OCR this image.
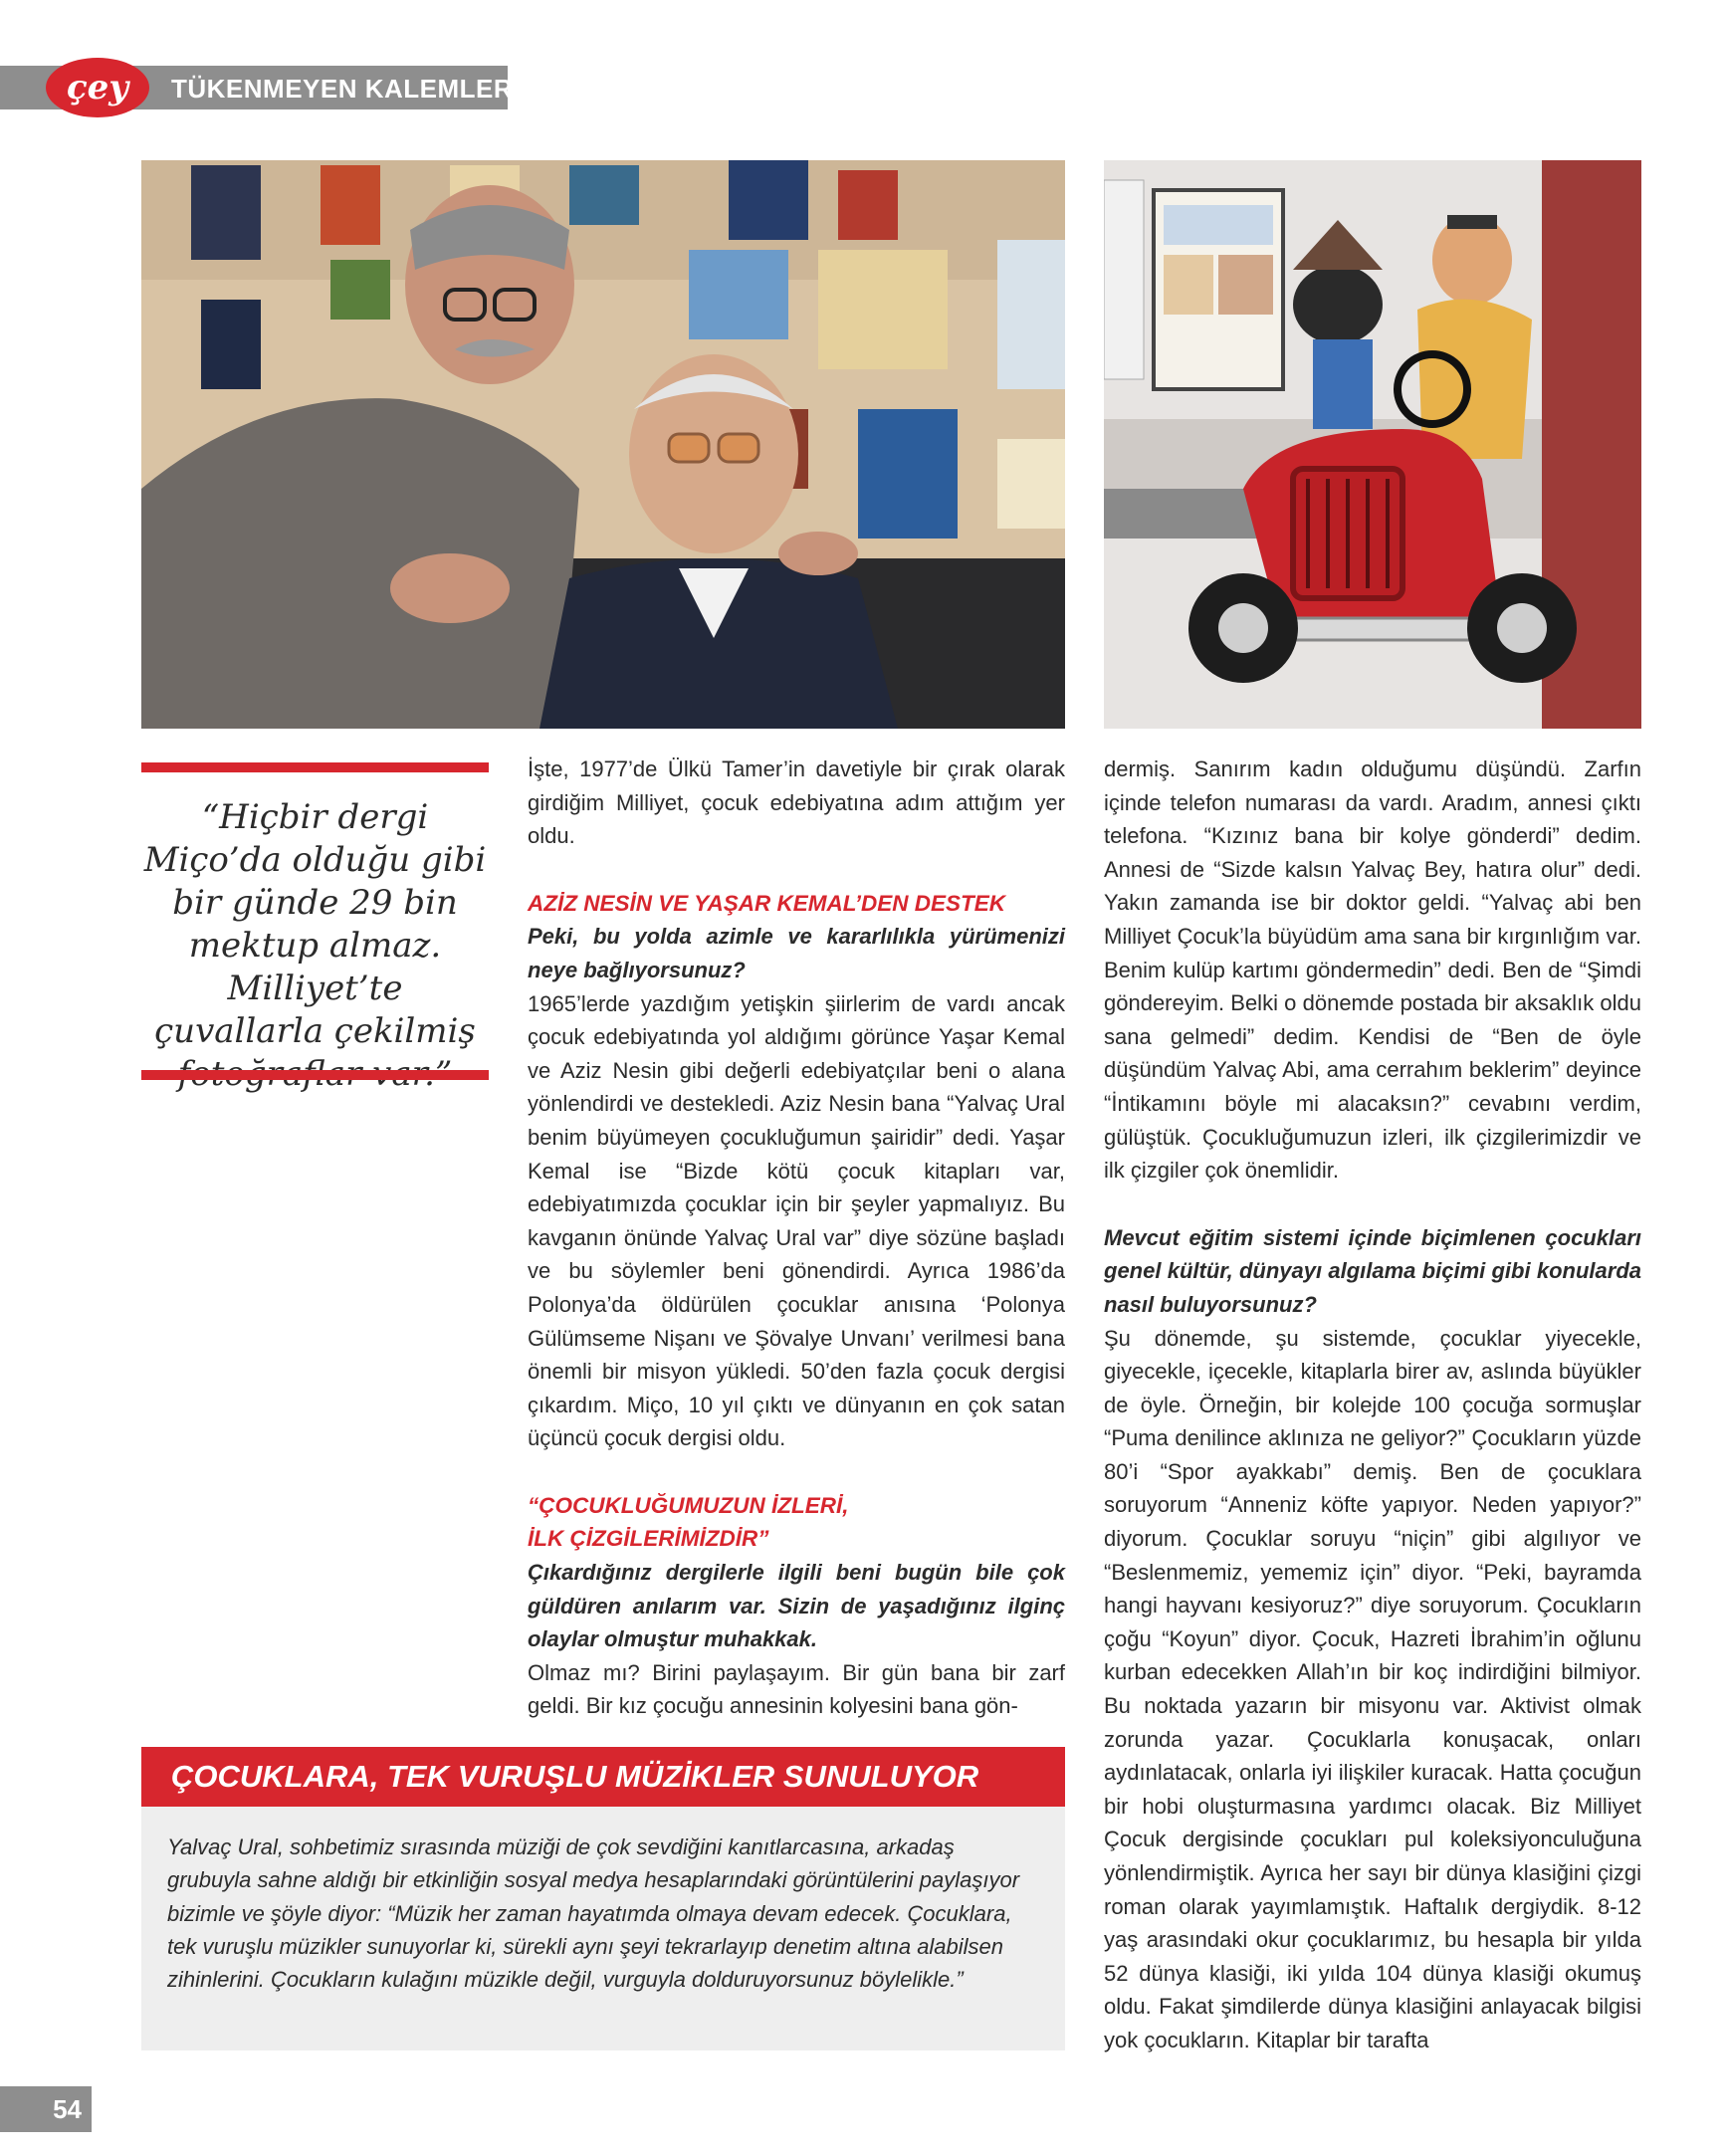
çey TÜKENMEYEN KALEMLER
“Hiçbir dergi Miço’da olduğu gibi bir günde 29 bin mektup almaz. Milliyet’te çuvallarla çekilmiş

İşte, 1977’de Ülkü Tamer’in davetiyle bir çırak olarak girdiğim Milliyet, çocuk edebiyatına adım attığım yer oldu.

AZİZ NESİN VE YAŞAR KEMAL’DEN DESTEK

Peki, bu yolda azimle ve kararlılıkla yürümenizi neye bağlıyorsunuz?

1965’lerde yazdığım yetişkin şiirlerim de vardı ancak çocuk edebiyatında yol aldığımı görünce Yaşar Kemal ve Aziz Nesin gibi değerli edebiyatçılar beni o alana yönlendirdi ve destekledi. Aziz Nesin bana “Yalvaç Ural benim büyümeyen çocukluğumun şairidir” dedi. Yaşar Kemal ise “Bizde kötü çocuk kitapları var, edebiyatımızda çocuklar için bir şeyler yapmalıyız. Bu kavganın önünde Yalvaç Ural var” diye sözüne başladı ve bu söylemler beni gönendirdi. Ayrıca 1986’da Polonya’da öldürülen çocuklar anısına ‘Polonya Gülümseme Nişanı ve Şövalye Unvanı’ verilmesi bana önemli bir misyon yükledi. 50’den fazla çocuk dergisi çıkardım. Miço, 10 yıl çıktı ve dünyanın en çok satan üçüncü çocuk dergisi oldu.

“ÇOCUKLUĞUMUZUN İZLERİ,

İLK ÇİZGİLERİMİZDİR”

Çıkardığınız dergilerle ilgili beni bugün bile çok güldüren anılarım var. Sizin de yaşadığınız ilginç olaylar olmuştur muhakkak.

Olmaz mı? Birini paylaşayım. Bir gün bana bir zarf geldi. Bir kız çocuğu annesinin kolyesini bana gön-

dermiş. Sanırım kadın olduğumu düşündü. Zarfın içinde telefon numarası da vardı. Aradım, annesi çıktı telefona. “Kızınız bana bir kolye gönderdi” dedim. Annesi de “Sizde kalsın Yalvaç Bey, hatıra olur” dedi. Yakın zamanda ise bir doktor geldi. “Yalvaç abi ben Milliyet Çocuk’la büyüdüm ama sana bir kırgınlığım var. Benim kulüp kartımı göndermedin” dedi. Ben de “Şimdi göndereyim. Belki o dönemde postada bir aksaklık oldu sana gelmedi” dedim. Kendisi de “Ben de öyle düşündüm Yalvaç Abi, ama cerrahım beklerim” deyince “İntikamını böyle mi alacaksın?” cevabını verdim, gülüştük. Çocukluğumuzun izleri, ilk çizgilerimizdir ve ilk çizgiler çok önemlidir.

Mevcut eğitim sistemi içinde biçimlenen çocukları genel kültür, dünyayı algılama biçimi gibi konularda nasıl buluyorsunuz?

Şu dönemde, şu sistemde, çocuklar yiyecekle, giyecekle, içecekle, kitaplarla birer av, aslında büyükler de öyle. Örneğin, bir kolejde 100 çocuğa sormuşlar “Puma denilince aklınıza ne geliyor?” Çocukların yüzde 80’i “Spor ayakkabı” demiş. Ben de çocuklara soruyorum “Anneniz köfte yapıyor. Neden yapıyor?” diyorum. Çocuklar soruyu “niçin” gibi algılıyor ve “Beslenmemiz, yememiz için” diyor. “Peki, bayramda hangi hayvanı kesiyoruz?” diye soruyorum. Çocukların çoğu “Koyun” diyor. Çocuk, Hazreti İbrahim’in oğlunu kurban edecekken Allah’ın bir koç indirdiğini bilmiyor. Bu noktada yazarın bir misyonu var. Aktivist olmak zorunda yazar. Çocuklarla konuşacak, onları aydınlatacak, onlarla iyi ilişkiler kuracak. Hatta çocuğun bir hobi oluşturmasına yardımcı olacak. Biz Milliyet Çocuk dergisinde çocukları pul koleksiyonculuğuna yönlendirmiştik. Ayrıca her sayı bir dünya klasiğini çizgi roman olarak yayımlamıştık. Haftalık dergiydik. 8-12 yaş arasındaki okur çocuklarımız, bu hesapla bir yılda 52 dünya klasiği, iki yılda 104 dünya klasiği okumuş oldu. Fakat şimdilerde dünya klasiğini anlayacak bilgisi yok çocukların. Kitaplar bir tarafta

ÇOCUKLARA, TEK VURUŞLU MÜZİKLER SUNULUYOR
Yalvaç Ural, sohbetimiz sırasında müziği de çok sevdiğini kanıtlarcasına, arkadaş grubuyla sahne aldığı bir etkinliğin sosyal medya hesaplarındaki görüntülerini paylaşıyor bizimle ve şöyle diyor: “Müzik her zaman hayatımda olmaya devam edecek. Çocuklara, tek vuruşlu müzikler sunuyorlar ki, sürekli aynı şeyi tekrarlayıp denetim altına alabilsen zihinlerini. Çocukların kulağını müzikle değil, vurguyla dolduruyorsunuz böylelikle.”
54
